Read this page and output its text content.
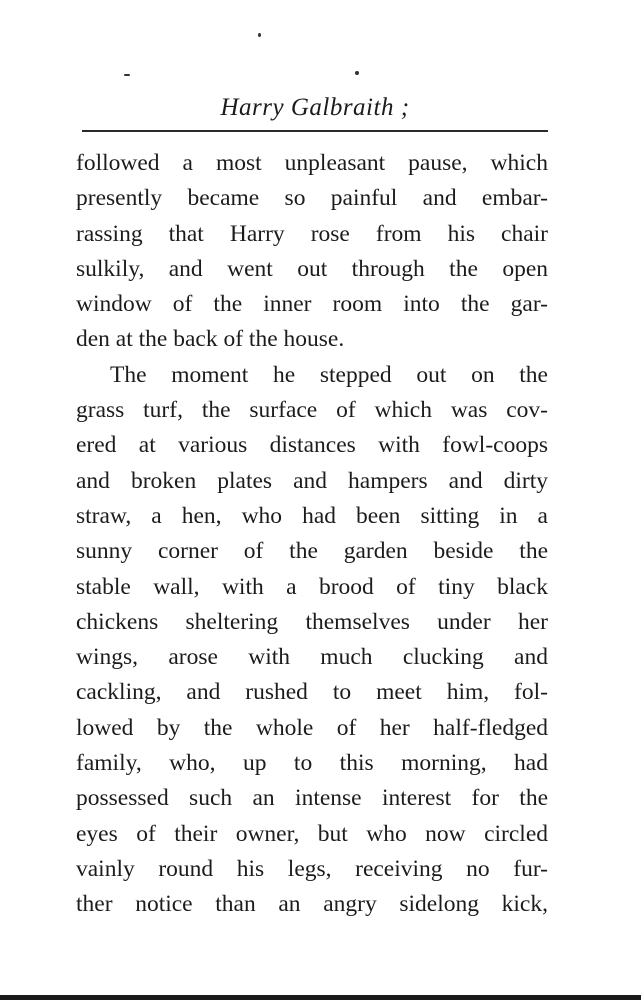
Harry Galbraith ;
followed a most unpleasant pause, which
presently became so painful and embar-
rassing that Harry rose from his chair
sulkily, and went out through the open
window of the inner room into the gar-
den at the back of the house.
The moment he stepped out on the
grass turf, the surface of which was cov-
ered at various distances with fowl-coops
and broken plates and hampers and dirty
straw, a hen, who had been sitting in a
sunny corner of the garden beside the
stable wall, with a brood of tiny black
chickens sheltering themselves under her
wings, arose with much clucking and
cackling, and rushed to meet him, fol-
lowed by the whole of her half-fledged
family, who, up to this morning, had
possessed such an intense interest for the
eyes of their owner, but who now circled
vainly round his legs, receiving no fur-
ther notice than an angry sidelong kick,
